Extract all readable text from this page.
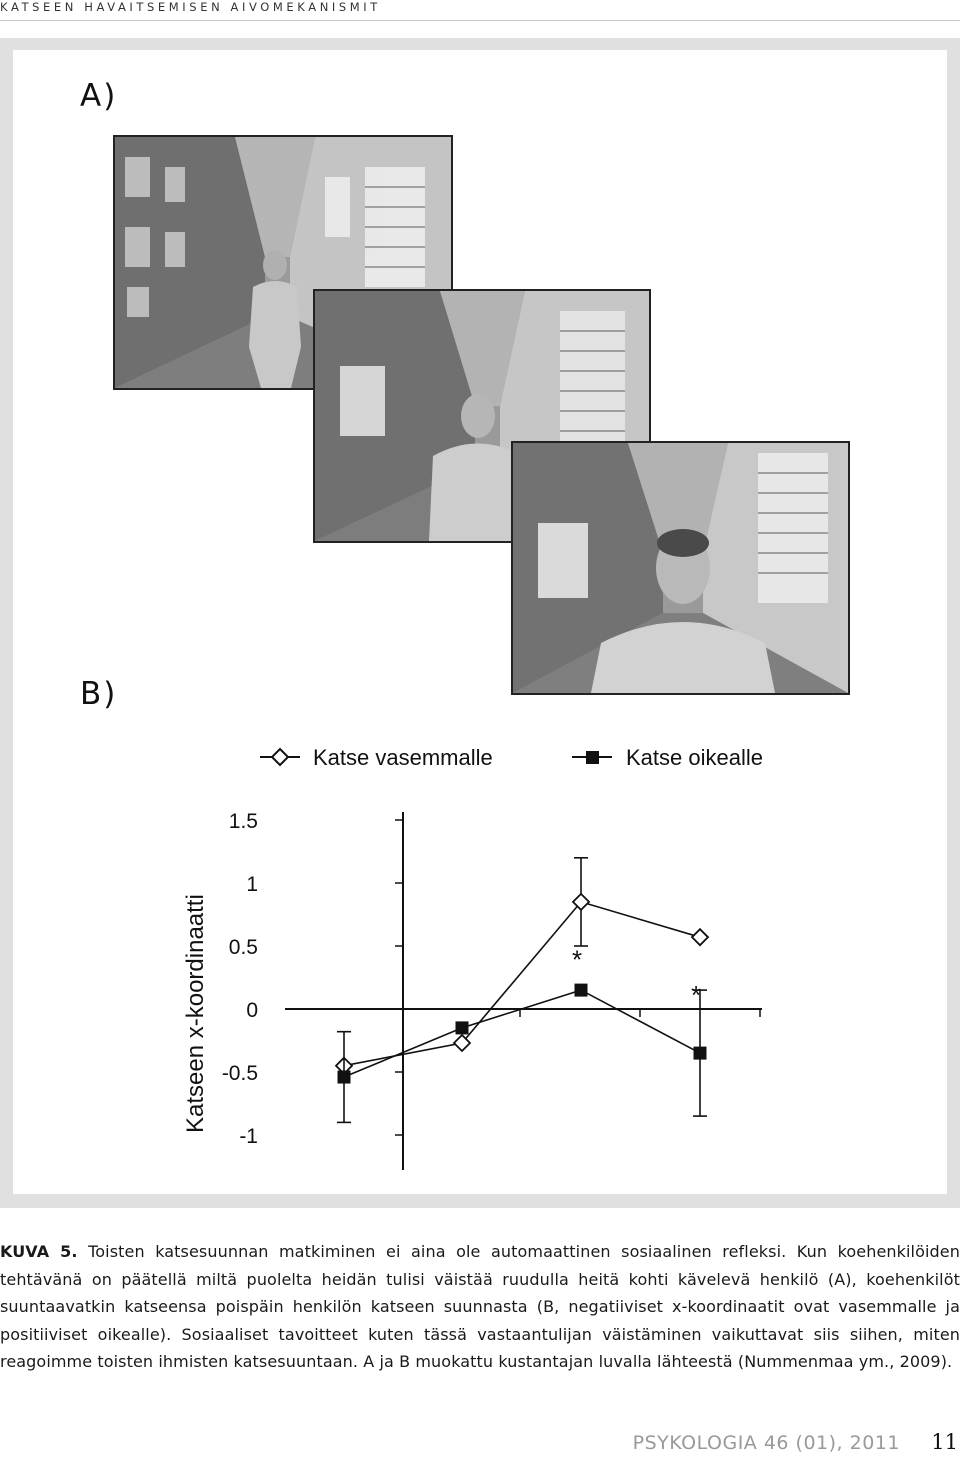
KATSEEN HAVAITSEMISEN AIVOMEKANISMIT
A)
B)
Katse vasemmalle	Katse oikealle
Katseen x-koordinaatti
1.5
1
0.5
0
-0.5
-1
*
*
KUVA 5. Toisten katsesuunnan matkiminen ei aina ole automaattinen sosiaalinen refleksi. Kun koehenkilöiden tehtävänä on päätellä miltä puolelta heidän tulisi väistää ruudulla heitä kohti kävelevä henkilö (A), koehenkilöt suuntaavatkin katseensa poispäin henkilön katseen suunnasta (B, negatiiviset x-koordinaatit ovat vasemmalle ja positiiviset oikealle). Sosiaaliset tavoitteet kuten tässä vastaantulijan väistäminen vaikuttavat siis siihen, miten reagoimme toisten ihmisten katsesuuntaan. A ja B muokattu kustantajan luvalla lähteestä (Nummenmaa ym., 2009).
PSYKOLOGIA 46 (01), 2011 11
